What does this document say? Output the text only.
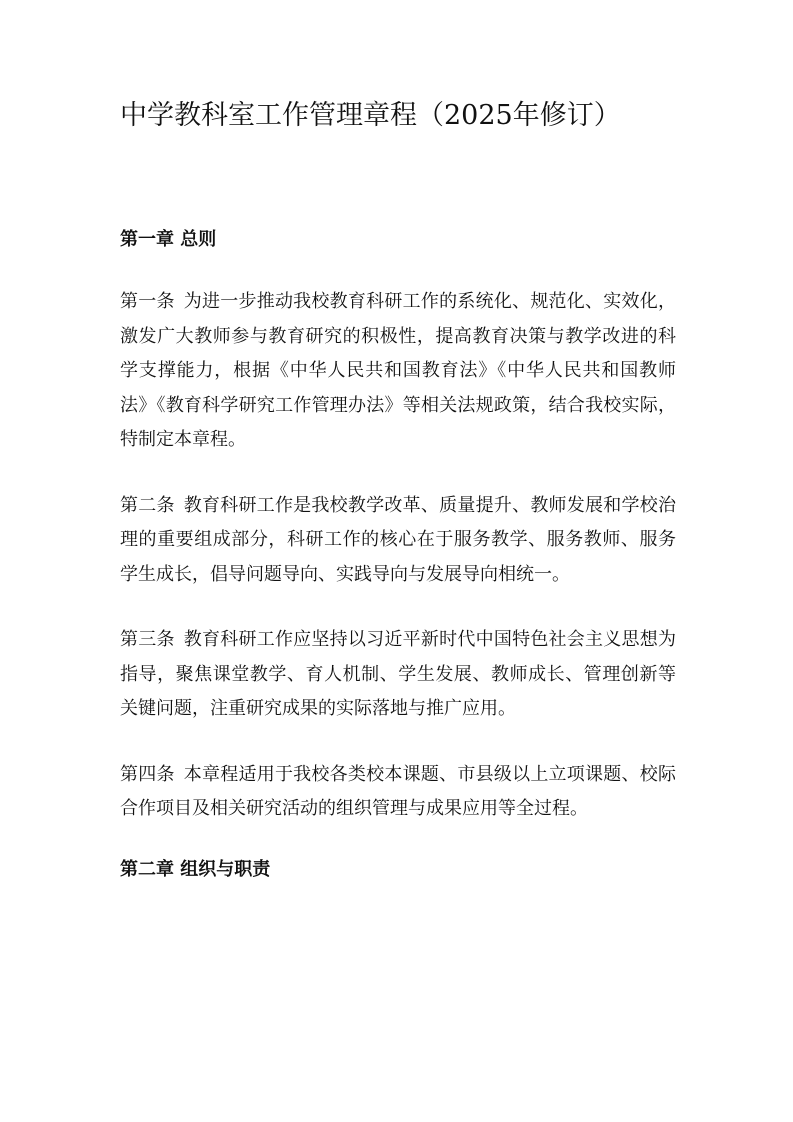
中学教科室工作管理章程（2025年修订）
第一章 总则

第一条 为进一步推动我校教育科研工作的系统化、规范化、实效化，激发广大教师参与教育研究的积极性，提高教育决策与教学改进的科学支撑能力，根据《中华人民共和国教育法》《中华人民共和国教师法》《教育科学研究工作管理办法》等相关法规政策，结合我校实际，特制定本章程。

第二条 教育科研工作是我校教学改革、质量提升、教师发展和学校治理的重要组成部分，科研工作的核心在于服务教学、服务教师、服务学生成长，倡导问题导向、实践导向与发展导向相统一。

第三条 教育科研工作应坚持以习近平新时代中国特色社会主义思想为指导，聚焦课堂教学、育人机制、学生发展、教师成长、管理创新等关键问题，注重研究成果的实际落地与推广应用。

第四条 本章程适用于我校各类校本课题、市县级以上立项课题、校际合作项目及相关研究活动的组织管理与成果应用等全过程。

第二章 组织与职责
